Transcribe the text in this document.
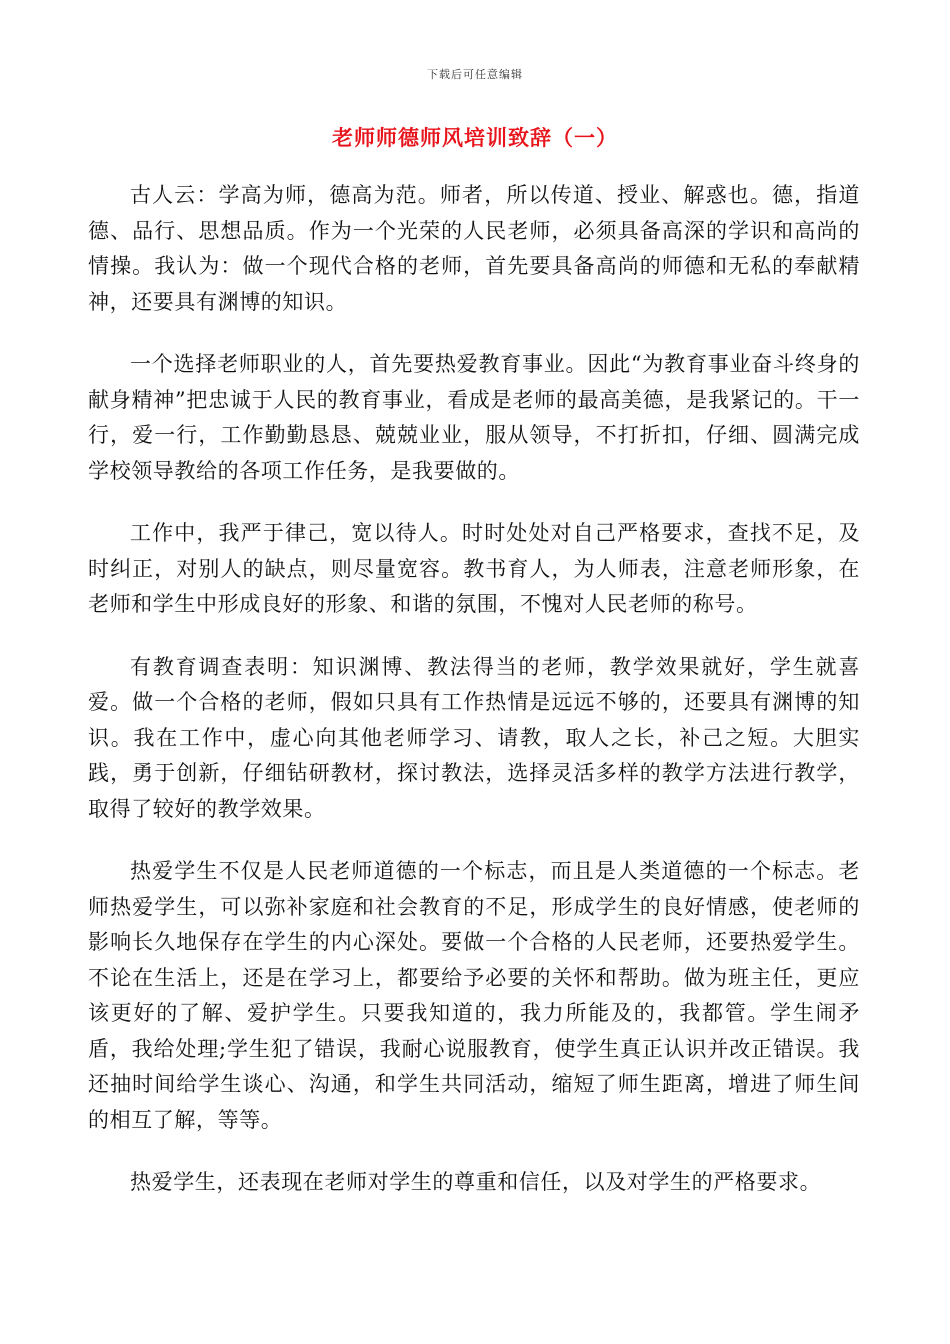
下载后可任意编辑
老师师德师风培训致辞（一）

古人云：学高为师，德高为范。师者，所以传道、授业、解惑也。德，指道德、品行、思想品质。作为一个光荣的人民老师，必须具备高深的学识和高尚的情操。我认为：做一个现代合格的老师，首先要具备高尚的师德和无私的奉献精神，还要具有渊博的知识。

一个选择老师职业的人，首先要热爱教育事业。因此“为教育事业奋斗终身的献身精神”把忠诚于人民的教育事业，看成是老师的最高美德，是我紧记的。干一行，爱一行，工作勤勤恳恳、兢兢业业，服从领导，不打折扣，仔细、圆满完成学校领导教给的各项工作任务，是我要做的。

工作中，我严于律己，宽以待人。时时处处对自己严格要求，查找不足，及时纠正，对别人的缺点，则尽量宽容。教书育人，为人师表，注意老师形象，在老师和学生中形成良好的形象、和谐的氛围，不愧对人民老师的称号。

有教育调查表明：知识渊博、教法得当的老师，教学效果就好，学生就喜爱。做一个合格的老师，假如只具有工作热情是远远不够的，还要具有渊博的知识。我在工作中，虚心向其他老师学习、请教，取人之长，补己之短。大胆实践，勇于创新，仔细钻研教材，探讨教法，选择灵活多样的教学方法进行教学，取得了较好的教学效果。

热爱学生不仅是人民老师道德的一个标志，而且是人类道德的一个标志。老师热爱学生，可以弥补家庭和社会教育的不足，形成学生的良好情感，使老师的影响长久地保存在学生的内心深处。要做一个合格的人民老师，还要热爱学生。不论在生活上，还是在学习上，都要给予必要的关怀和帮助。做为班主任，更应该更好的了解、爱护学生。只要我知道的，我力所能及的，我都管。学生闹矛盾，我给处理;学生犯了错误，我耐心说服教育，使学生真正认识并改正错误。我还抽时间给学生谈心、沟通，和学生共同活动，缩短了师生距离，增进了师生间的相互了解，等等。

热爱学生，还表现在老师对学生的尊重和信任，以及对学生的严格要求。
